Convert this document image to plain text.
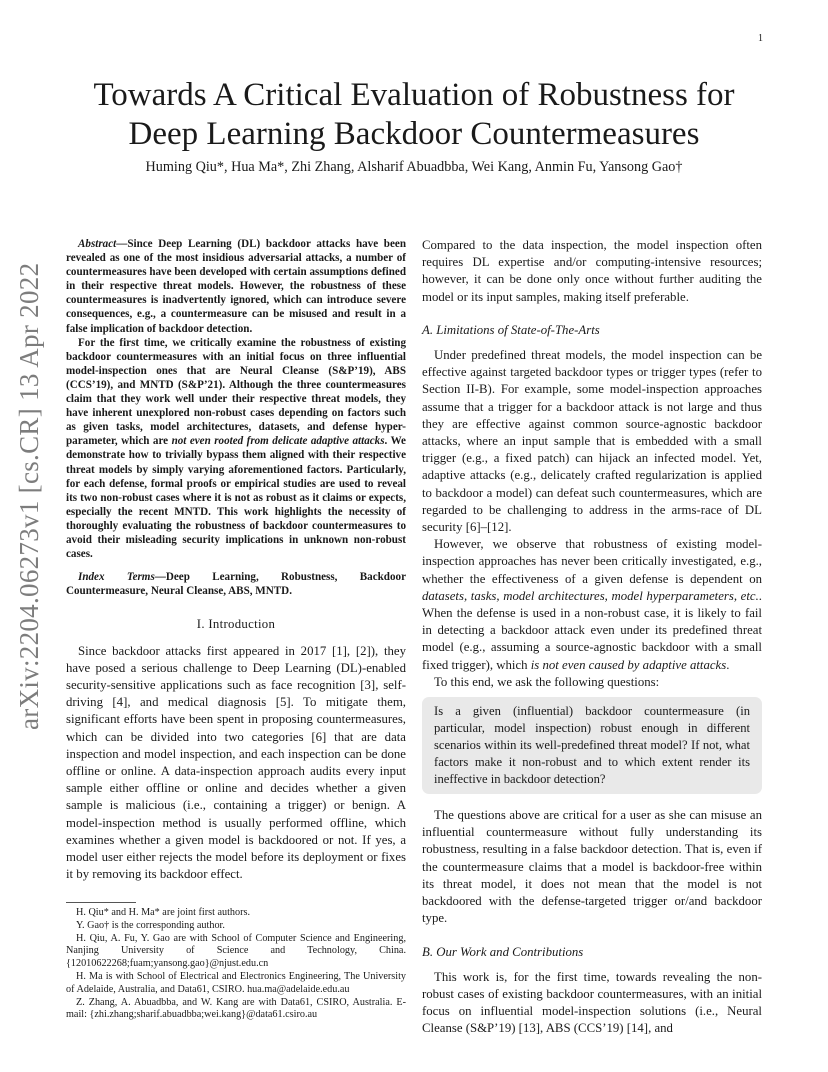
1
arXiv:2204.06273v1 [cs.CR] 13 Apr 2022
Towards A Critical Evaluation of Robustness for Deep Learning Backdoor Countermeasures
Huming Qiu*, Hua Ma*, Zhi Zhang, Alsharif Abuadbba, Wei Kang, Anmin Fu, Yansong Gao†

Abstract—Since Deep Learning (DL) backdoor attacks have been revealed as one of the most insidious adversarial attacks, a number of countermeasures have been developed with certain assumptions defined in their respective threat models. However, the robustness of these countermeasures is inadvertently ignored, which can introduce severe consequences, e.g., a countermeasure can be misused and result in a false implication of backdoor detection.

For the first time, we critically examine the robustness of existing backdoor countermeasures with an initial focus on three influential model-inspection ones that are Neural Cleanse (S&P’19), ABS (CCS’19), and MNTD (S&P’21). Although the three countermeasures claim that they work well under their respective threat models, they have inherent unexplored non-robust cases depending on factors such as given tasks, model architectures, datasets, and defense hyper-parameter, which are not even rooted from delicate adaptive attacks. We demonstrate how to trivially bypass them aligned with their respective threat models by simply varying aforementioned factors. Particularly, for each defense, formal proofs or empirical studies are used to reveal its two non-robust cases where it is not as robust as it claims or expects, especially the recent MNTD. This work highlights the necessity of thoroughly evaluating the robustness of backdoor countermeasures to avoid their misleading security implications in unknown non-robust cases.

Index Terms—Deep Learning, Robustness, Backdoor Countermeasure, Neural Cleanse, ABS, MNTD.

I. Introduction

Since backdoor attacks first appeared in 2017 [1], [2]), they have posed a serious challenge to Deep Learning (DL)-enabled security-sensitive applications such as face recognition [3], self-driving [4], and medical diagnosis [5]. To mitigate them, significant efforts have been spent in proposing countermeasures, which can be divided into two categories [6] that are data inspection and model inspection, and each inspection can be done offline or online. A data-inspection approach audits every input sample either offline or online and decides whether a given sample is malicious (i.e., containing a trigger) or benign. A model-inspection method is usually performed offline, which examines whether a given model is backdoored or not. If yes, a model user either rejects the model before its deployment or fixes it by removing its backdoor effect.

H. Qiu* and H. Ma* are joint first authors.

Y. Gao† is the corresponding author.

H. Qiu, A. Fu, Y. Gao are with School of Computer Science and Engineering, Nanjing University of Science and Technology, China. {12010622268;fuam;yansong.gao}@njust.edu.cn

H. Ma is with School of Electrical and Electronics Engineering, The University of Adelaide, Australia, and Data61, CSIRO. hua.ma@adelaide.edu.au

Z. Zhang, A. Abuadbba, and W. Kang are with Data61, CSIRO, Australia. E-mail: {zhi.zhang;sharif.abuadbba;wei.kang}@data61.csiro.au

Compared to the data inspection, the model inspection often requires DL expertise and/or computing-intensive resources; however, it can be done only once without further auditing the model or its input samples, making itself preferable.

A. Limitations of State-of-The-Arts

Under predefined threat models, the model inspection can be effective against targeted backdoor types or trigger types (refer to Section II-B). For example, some model-inspection approaches assume that a trigger for a backdoor attack is not large and thus they are effective against common source-agnostic backdoor attacks, where an input sample that is embedded with a small trigger (e.g., a fixed patch) can hijack an infected model. Yet, adaptive attacks (e.g., delicately crafted regularization is applied to backdoor a model) can defeat such countermeasures, which are regarded to be challenging to address in the arms-race of DL security [6]–[12].

However, we observe that robustness of existing model-inspection approaches has never been critically investigated, e.g., whether the effectiveness of a given defense is dependent on datasets, tasks, model architectures, model hyperparameters, etc.. When the defense is used in a non-robust case, it is likely to fail in detecting a backdoor attack even under its predefined threat model (e.g., assuming a source-agnostic backdoor with a small fixed trigger), which is not even caused by adaptive attacks.

To this end, we ask the following questions:

Is a given (influential) backdoor countermeasure (in particular, model inspection) robust enough in different scenarios within its well-predefined threat model? If not, what factors make it non-robust and to which extent render its ineffective in backdoor detection?

The questions above are critical for a user as she can misuse an influential countermeasure without fully understanding its robustness, resulting in a false backdoor detection. That is, even if the countermeasure claims that a model is backdoor-free within its threat model, it does not mean that the model is not backdoored with the defense-targeted trigger or/and backdoor type.

B. Our Work and Contributions

This work is, for the first time, towards revealing the non-robust cases of existing backdoor countermeasures, with an initial focus on influential model-inspection solutions (i.e., Neural Cleanse (S&P’19) [13], ABS (CCS’19) [14], and
